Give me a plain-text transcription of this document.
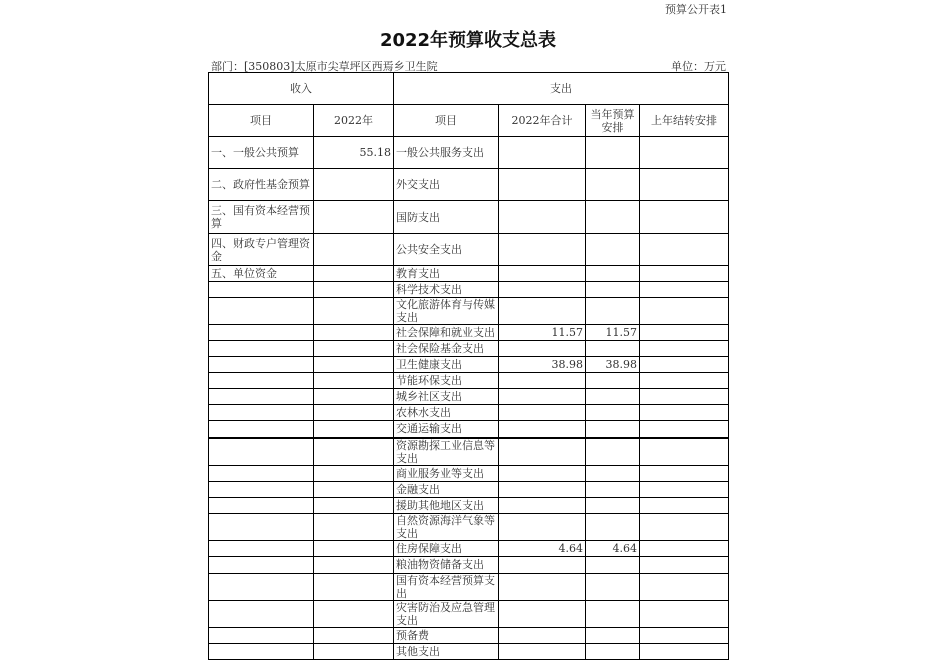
预算公开表1
2022年预算收支总表
部门：[350803]太原市尖草坪区西焉乡卫生院	单位：万元
收入		支出			
项目	2022年	项目	2022年合计	当年预算安排	上年结转安排
一、一般公共预算	55.18	一般公共服务支出			
二、政府性基金预算		外交支出			
三、国有资本经营预算		国防支出			
四、财政专户管理资金		公共安全支出			
五、单位资金		教育支出			
		科学技术支出			
		文化旅游体育与传媒支出			
		社会保障和就业支出	11.57	11.57	
		社会保险基金支出			
		卫生健康支出	38.98	38.98	
		节能环保支出			
		城乡社区支出			
		农林水支出			
		交通运输支出			
		资源勘探工业信息等支出			
		商业服务业等支出			
		金融支出			
		援助其他地区支出			
		自然资源海洋气象等支出			
		住房保障支出	4.64	4.64	
		粮油物资储备支出			
		国有资本经营预算支出			
		灾害防治及应急管理支出			
		预备费			
		其他支出			
